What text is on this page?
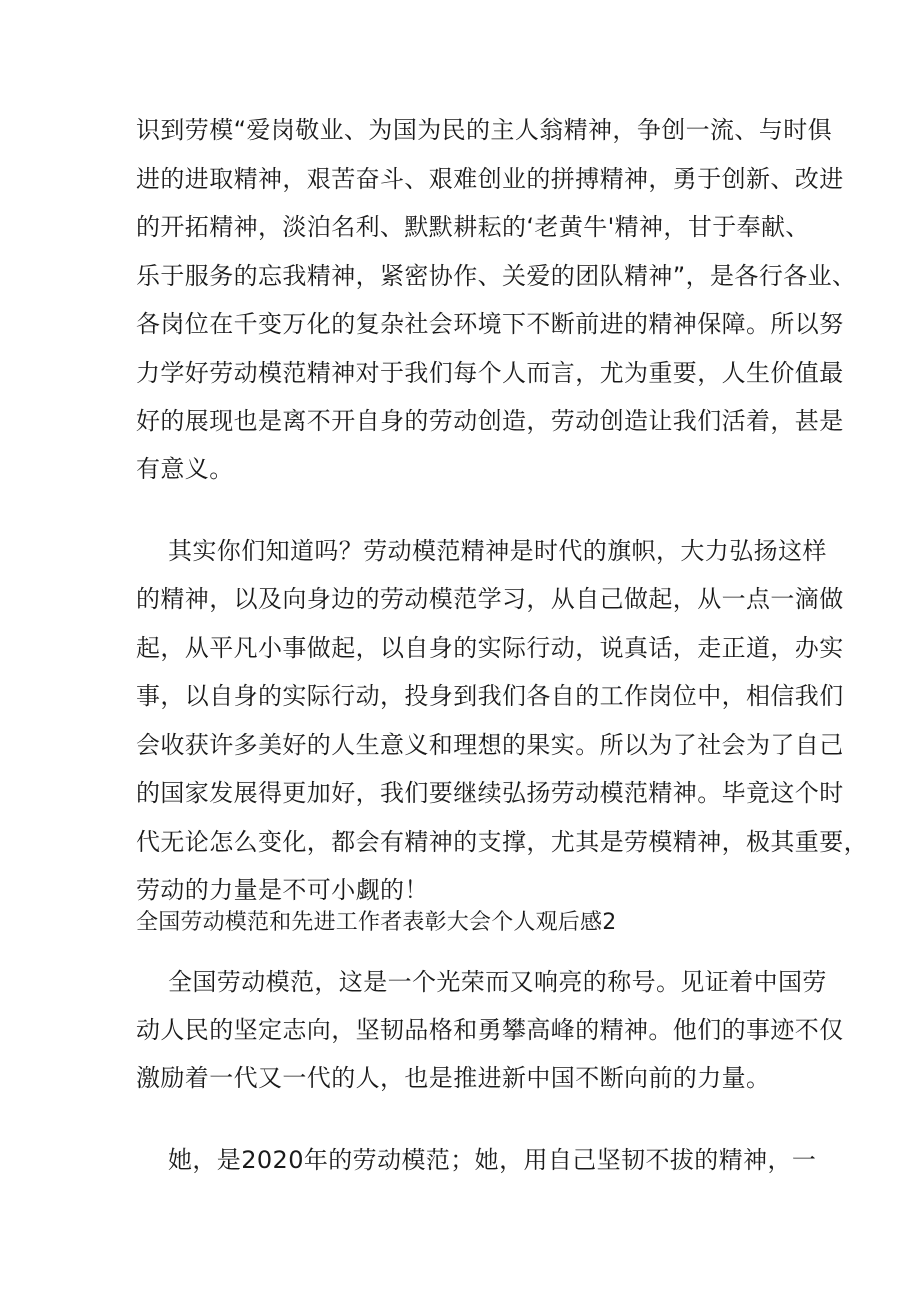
识到劳模“爱岗敬业、为国为民的主人翁精神，争创一流、与时俱
进的进取精神，艰苦奋斗、艰难创业的拼搏精神，勇于创新、改进
的开拓精神，淡泊名利、默默耕耘的‘老黄牛'精神，甘于奉献、
乐于服务的忘我精神，紧密协作、关爱的团队精神”，是各行各业、
各岗位在千变万化的复杂社会环境下不断前进的精神保障。所以努
力学好劳动模范精神对于我们每个人而言，尤为重要，人生价值最
好的展现也是离不开自身的劳动创造，劳动创造让我们活着，甚是
有意义。
其实你们知道吗？劳动模范精神是时代的旗帜，大力弘扬这样
的精神，以及向身边的劳动模范学习，从自己做起，从一点一滴做
起，从平凡小事做起，以自身的实际行动，说真话，走正道，办实
事，以自身的实际行动，投身到我们各自的工作岗位中，相信我们
会收获许多美好的人生意义和理想的果实。所以为了社会为了自己
的国家发展得更加好，我们要继续弘扬劳动模范精神。毕竟这个时
代无论怎么变化，都会有精神的支撑，尤其是劳模精神，极其重要，
劳动的力量是不可小觑的！
全国劳动模范和先进工作者表彰大会个人观后感2
全国劳动模范，这是一个光荣而又响亮的称号。见证着中国劳
动人民的坚定志向，坚韧品格和勇攀高峰的精神。他们的事迹不仅
激励着一代又一代的人，也是推进新中国不断向前的力量。
她，是2020年的劳动模范；她，用自己坚韧不拔的精神，一
